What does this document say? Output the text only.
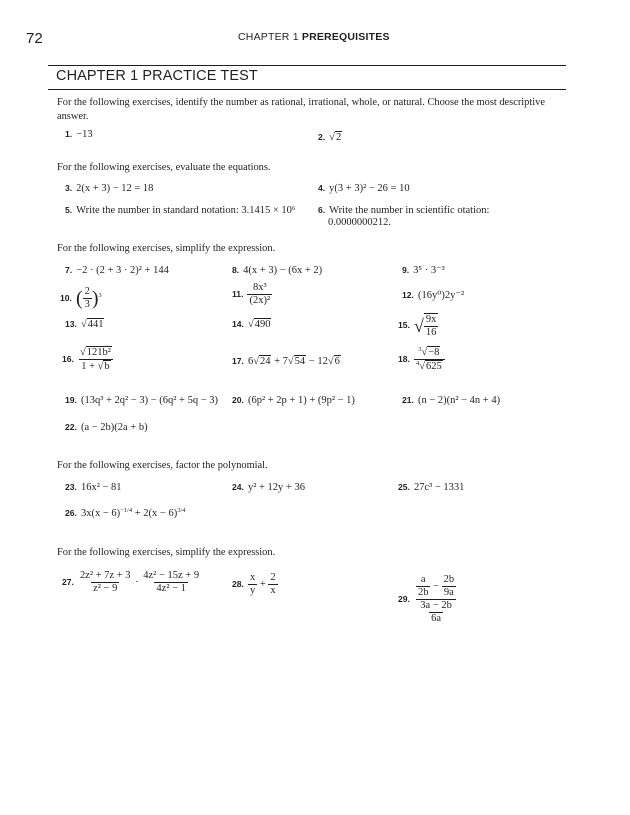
72	CHAPTER 1 PREREQUISITES
CHAPTER 1 PRACTICE TEST
For the following exercises, identify the number as rational, irrational, whole, or natural. Choose the most descriptive answer.
1. −13	2. √2
For the following exercises, evaluate the equations.
3. 2(x + 3) − 12 = 18	4. y(3 + 3)² − 26 = 10
5. Write the number in standard notation: 3.1415 × 10⁶	6. Write the number in scientific otation:
0.0000000212.
For the following exercises, simplify the expression.
7. −2 · (2 + 3 · 2)² + 144	8. 4(x + 3) − (6x + 2)	9. 3⁵ · 3⁻³
10. ( $\frac{2}{3} )^3$	11. $\frac{\text{8x³}}{\text{(2x)²}}$	12. (16y⁰)2y⁻²
13. √441	14. √490	15. √ $\frac{9x}{16}$
16. $\frac{\text{√121b²}}{1 + √b}$	17. 6√24 + 7√54 − 12√6	18. $\frac{^3√-8}{^4√625}$
19. (13q³ + 2q² − 3) − (6q² + 5q − 3) 20. (6p² + 2p + 1) + (9p² − 1)	21. (n − 2)(n² − 4n + 4)
22. (a − 2b)(2a + b)
For the following exercises, factor the polynomial.
23. 16x² − 81	24. y² + 12y + 36	25. 27c³ − 1331
26. $3x(x - 6)^{-1/4} + 2(x - 6)^{3/4}$
For the following exercises, simplify the expression.
27. $\frac{\text{2z² + 7z + 3}}{\text{z² − 9}} \cdot \frac{\text{4z² − 15z + 9}}{\text{4z² − 1}}$	28. $\frac{x}{y} + \frac{2}{x}$
29. $\frac{\frac{a}{2b} - \frac{2b}{9a}}{\frac{3a - 2b}{6a}}$
